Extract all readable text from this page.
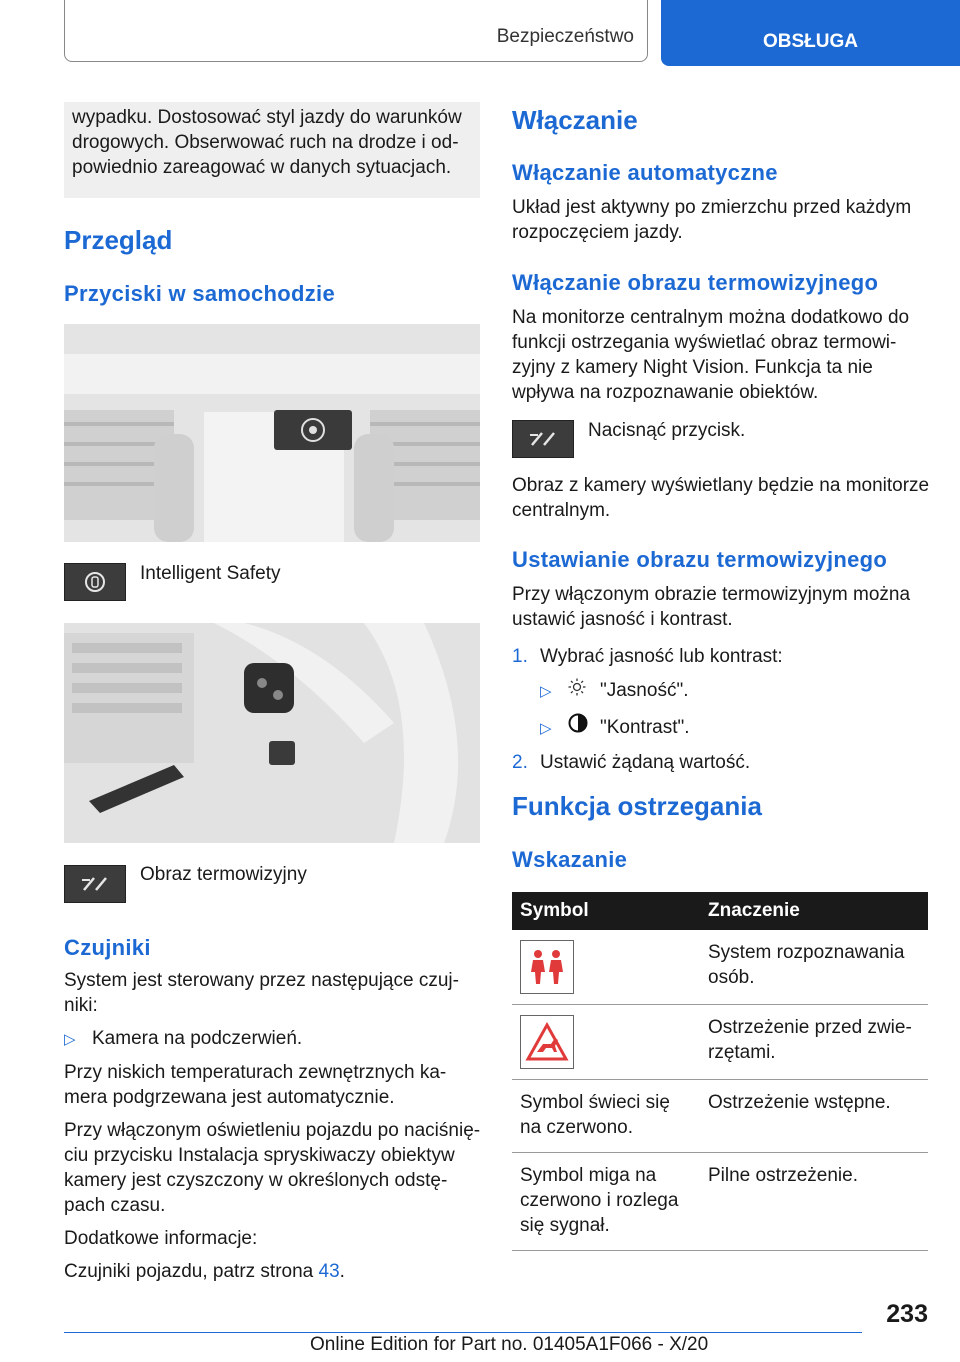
Bezpieczeństwo	OBSŁUGA

wypadku. Dostosować styl jazdy do warunków

drogowych. Obserwować ruch na drodze i od-

powiednio zareagować w danych sytuacjach.

Przegląd
Przyciski w samochodzie

Intelligent Safety

Obraz termowizyjny

Czujniki

System jest sterowany przez następujące czuj-

niki:

▷ Kamera na podczerwień.

Przy niskich temperaturach zewnętrznych ka-

mera podgrzewana jest automatycznie.

Przy włączonym oświetleniu pojazdu po naciśnię-

ciu przycisku Instalacja spryskiwaczy obiektyw

kamery jest czyszczony w określonych odstę-

pach czasu.

Dodatkowe informacje:

Czujniki pojazdu, patrz strona 43.

Włączanie
Włączanie automatyczne

Układ jest aktywny po zmierzchu przed każdym

rozpoczęciem jazdy.

Włączanie obrazu termowizyjnego

Na monitorze centralnym można dodatkowo do

funkcji ostrzegania wyświetlać obraz termowi-

zyjny z kamery Night Vision. Funkcja ta nie

wpływa na rozpoznawanie obiektów.

Nacisnąć przycisk.

Obraz z kamery wyświetlany będzie na monitorze

centralnym.

Ustawianie obrazu termowizyjnego

Przy włączonym obrazie termowizyjnym można

ustawić jasność i kontrast.

1. Wybrać jasność lub kontrast:

▷	"Jasność".

▷	"Kontrast".

2. Ustawić żądaną wartość.

Funkcja ostrzegania
Wskazanie
Symbol	Znaczenie

System rozpoznawania
osób.

Ostrzeżenie przed zwie-
rzętami.

Symbol świeci się
na czerwono.	Ostrzeżenie wstępne.

Symbol miga na
czerwono i rozlega
się sygnał.	Pilne ostrzeżenie.
233
Online Edition for Part no. 01405A1F066 - X/20
